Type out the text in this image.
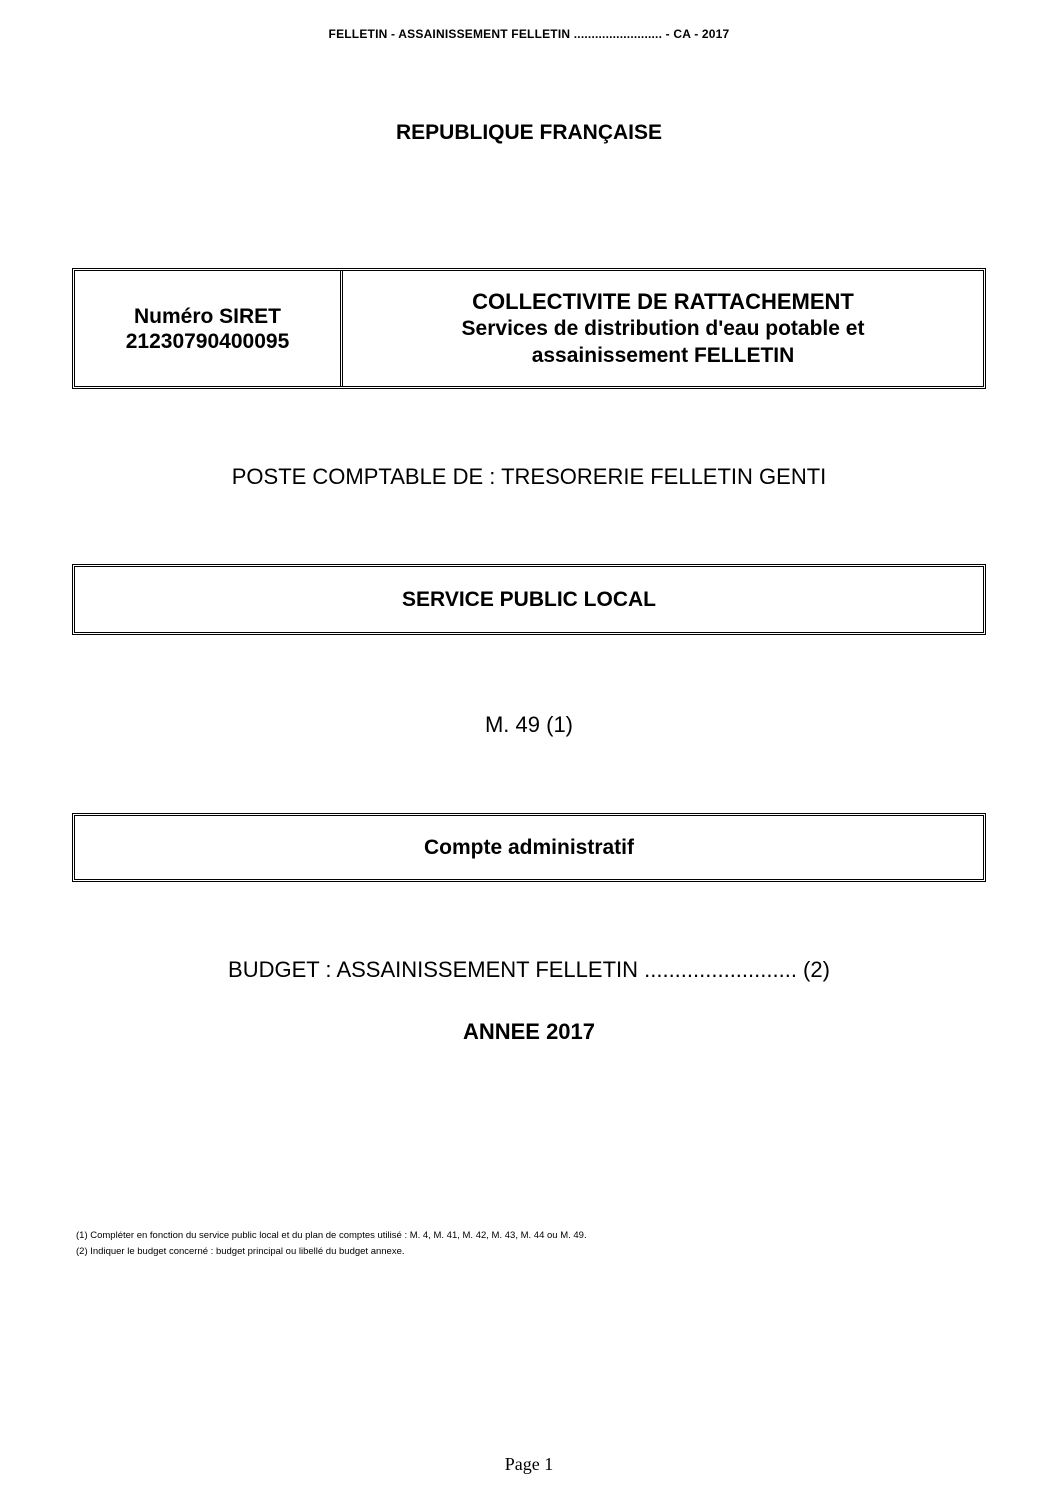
FELLETIN - ASSAINISSEMENT FELLETIN ......................... - CA - 2017
REPUBLIQUE FRANÇAISE
Numéro SIRET
21230790400095
COLLECTIVITE DE RATTACHEMENT
Services de distribution d'eau potable et
assainissement FELLETIN
POSTE COMPTABLE DE : TRESORERIE FELLETIN GENTI
SERVICE PUBLIC LOCAL
M. 49 (1)
Compte administratif
BUDGET : ASSAINISSEMENT FELLETIN ......................... (2)
ANNEE 2017
(1) Compléter en fonction du service public local et du plan de comptes utilisé : M. 4, M. 41, M. 42, M. 43, M. 44 ou M. 49.
(2) Indiquer le budget concerné : budget principal ou libellé du budget annexe.
Page 1
